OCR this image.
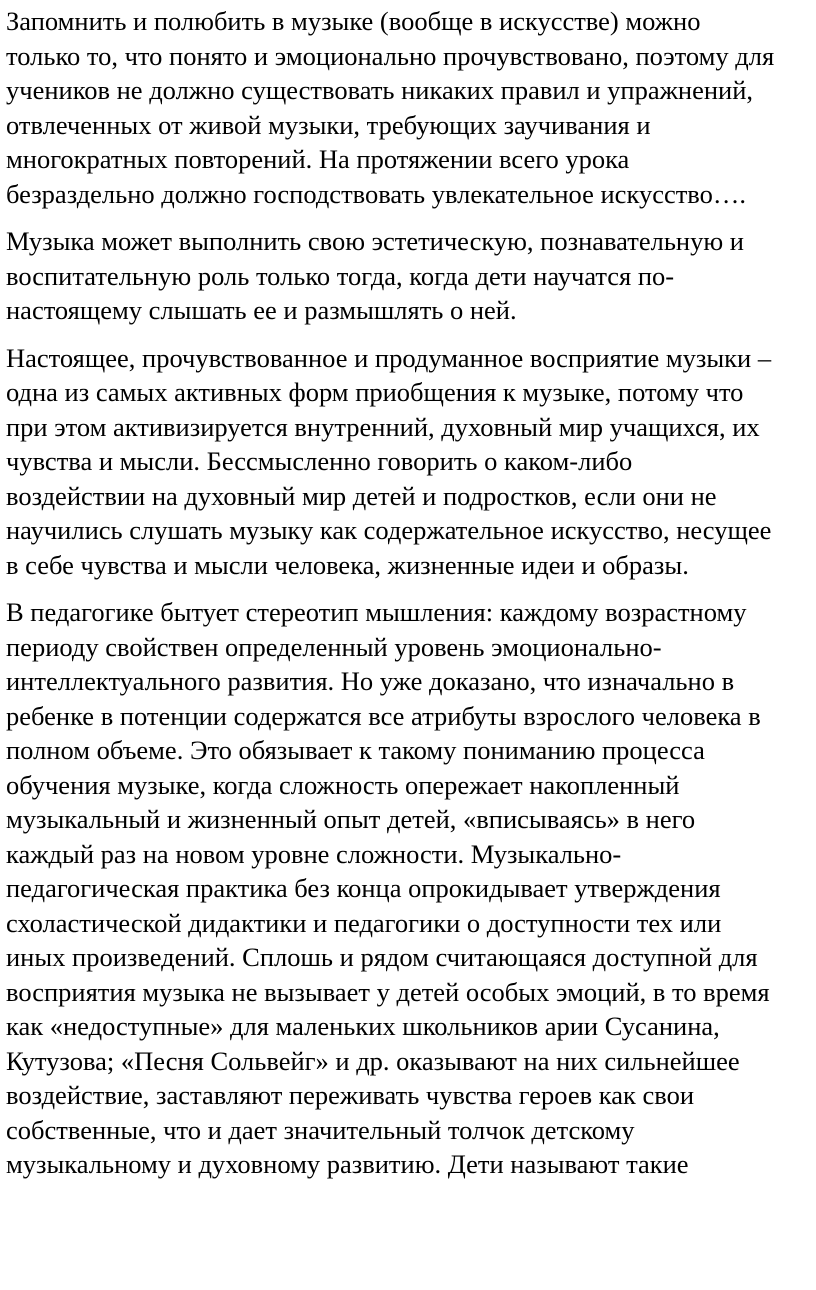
Запомнить и полюбить в музыке (вообще в искусстве) можно
только то, что понято и эмоционально прочувствовано, поэтому для
учеников не должно существовать никаких правил и упражнений,
отвлеченных от живой музыки, требующих заучивания и
многократных повторений. На протяжении всего урока
безраздельно должно господствовать увлекательное искусство….

Музыка может выполнить свою эстетическую, познавательную и
воспитательную роль только тогда, когда дети научатся по-
настоящему слышать ее и размышлять о ней.

Настоящее, прочувствованное и продуманное восприятие музыки –
одна из самых активных форм приобщения к музыке, потому что
при этом активизируется внутренний, духовный мир учащихся, их
чувства и мысли. Бессмысленно говорить о каком-либо
воздействии на духовный мир детей и подростков, если они не
научились слушать музыку как содержательное искусство, несущее
в себе чувства и мысли человека, жизненные идеи и образы.

В педагогике бытует стереотип мышления: каждому возрастному
периоду свойствен определенный уровень эмоционально-
интеллектуального развития. Но уже доказано, что изначально в
ребенке в потенции содержатся все атрибуты взрослого человека в
полном объеме. Это обязывает к такому пониманию процесса
обучения музыке, когда сложность опережает накопленный
музыкальный и жизненный опыт детей, «вписываясь» в него
каждый раз на новом уровне сложности. Музыкально-
педагогическая практика без конца опрокидывает утверждения
схоластической дидактики и педагогики о доступности тех или
иных произведений. Сплошь и рядом считающаяся доступной для
восприятия музыка не вызывает у детей особых эмоций, в то время
как «недоступные» для маленьких школьников арии Сусанина,
Кутузова; «Песня Сольвейг» и др. оказывают на них сильнейшее
воздействие, заставляют переживать чувства героев как свои
собственные, что и дает значительный толчок детскому
музыкальному и духовному развитию. Дети называют такие
